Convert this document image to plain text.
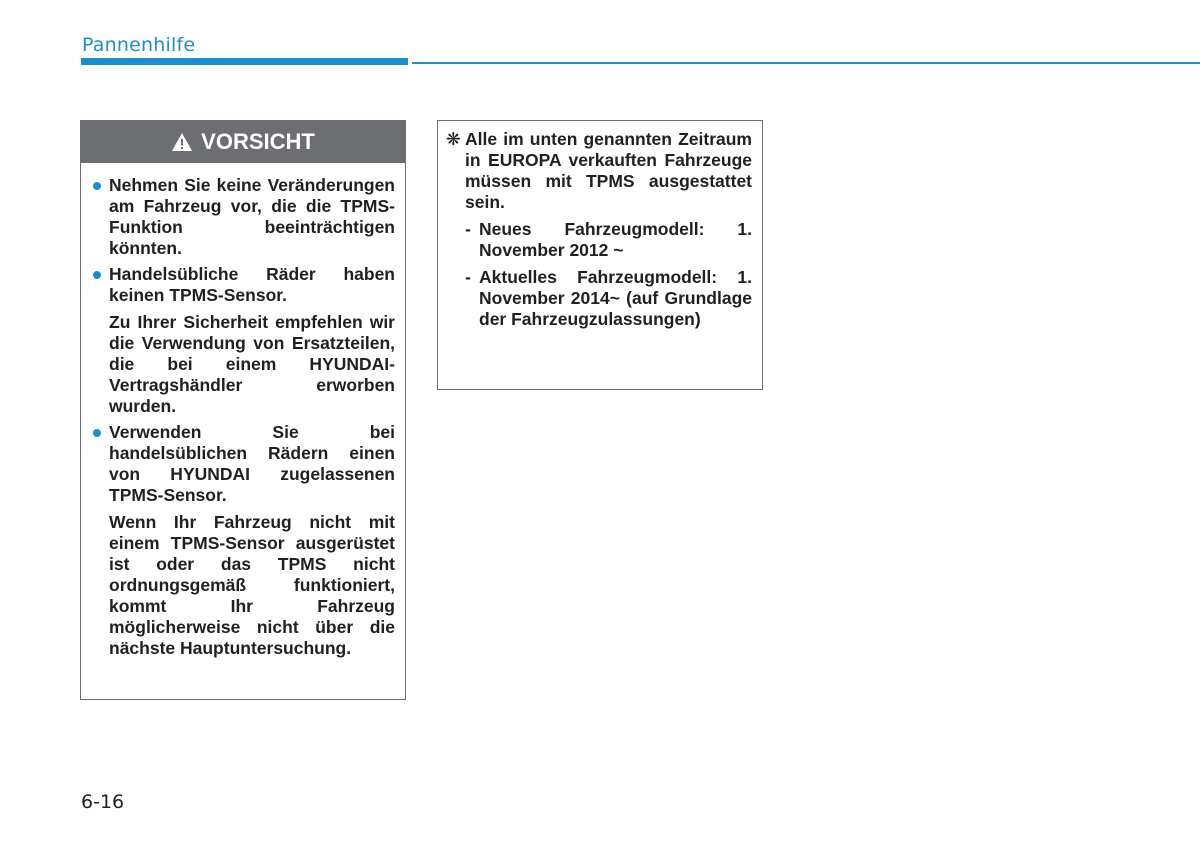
Pannenhilfe
VORSICHT
Nehmen Sie keine Veränderungen am Fahrzeug vor, die die TPMS-Funktion beeinträchtigen könnten.
Handelsübliche Räder haben keinen TPMS-Sensor.
Zu Ihrer Sicherheit empfehlen wir die Verwendung von Ersatzteilen, die bei einem HYUNDAI-Vertragshändler erworben wurden.
Verwenden Sie bei handelsüblichen Rädern einen von HYUNDAI zugelassenen TPMS-Sensor.
Wenn Ihr Fahrzeug nicht mit einem TPMS-Sensor ausgerüstet ist oder das TPMS nicht ordnungsgemäß funktioniert, kommt Ihr Fahrzeug möglicherweise nicht über die nächste Hauptuntersuchung.
❋ Alle im unten genannten Zeitraum in EUROPA verkauften Fahrzeuge müssen mit TPMS ausgestattet sein.
- Neues Fahrzeugmodell: 1. November 2012 ~
- Aktuelles Fahrzeugmodell: 1. November 2014~ (auf Grundlage der Fahrzeugzulassungen)
6-16
